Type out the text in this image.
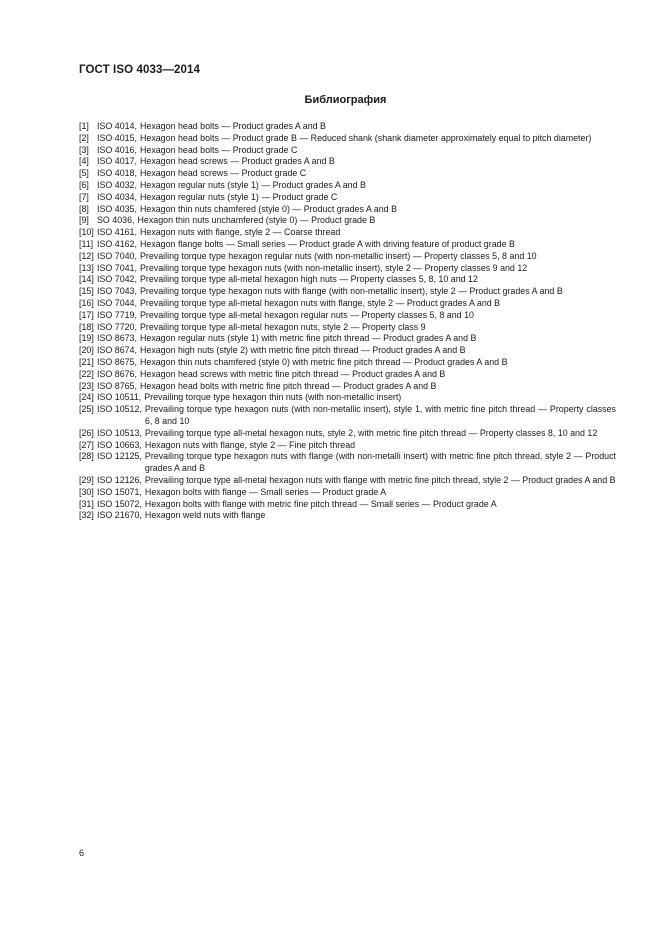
ГОСТ ISO 4033—2014
Библиография
[1] ISO 4014, Hexagon head bolts — Product grades A and B
[2] ISO 4015, Hexagon head bolts — Product grade B — Reduced shank (shank diameter approximately equal to pitch diameter)
[3] ISO 4016, Hexagon head bolts — Product grade C
[4] ISO 4017, Hexagon head screws — Product grades A and B
[5] ISO 4018, Hexagon head screws — Product grade C
[6] ISO 4032, Hexagon regular nuts (style 1) — Product grades A and B
[7] ISO 4034, Hexagon regular nuts (style 1) — Product grade C
[8] ISO 4035, Hexagon thin nuts chamfered (style 0) — Product grades A and B
[9] SO 4036, Hexagon thin nuts unchamfered (style 0) — Product grade B
[10] ISO 4161, Hexagon nuts with flange, style 2 — Coarse thread
[11] ISO 4162, Hexagon flange bolts — Small series — Product grade A with driving feature of product grade B
[12] ISO 7040, Prevailing torque type hexagon regular nuts (with non-metallic insert) — Property classes 5, 8 and 10
[13] ISO 7041, Prevailing torque type hexagon nuts (with non-metallic insert), style 2 — Property classes 9 and 12
[14] ISO 7042, Prevailing torque type all-metal hexagon high nuts — Property classes 5, 8, 10 and 12
[15] ISO 7043, Prevailing torque type hexagon nuts with flange (with non-metallic insert), style 2 — Product grades A and B
[16] ISO 7044, Prevailing torque type all-metal hexagon nuts with flange, style 2 — Product grades A and B
[17] ISO 7719, Prevailing torque type all-metal hexagon regular nuts — Property classes 5, 8 and 10
[18] ISO 7720, Prevailing torque type all-metal hexagon nuts, style 2 — Property class 9
[19] ISO 8673, Hexagon regular nuts (style 1) with metric fine pitch thread — Product grades A and B
[20] ISO 8674, Hexagon high nuts (style 2) with metric fine pitch thread — Product grades A and B
[21] ISO 8675, Hexagon thin nuts chamfered (style 0) with metric fine pitch thread — Product grades A and B
[22] ISO 8676, Hexagon head screws with metric fine pitch thread — Product grades A and B
[23] ISO 8765, Hexagon head bolts with metric fine pitch thread — Product grades A and B
[24] ISO 10511, Prevailing torque type hexagon thin nuts (with non-metallic insert)
[25] ISO 10512, Prevailing torque type hexagon nuts (with non-metallic insert), style 1, with metric fine pitch thread — Property classes 6, 8 and 10
[26] ISO 10513, Prevailing torque type all-metal hexagon nuts, style 2, with metric fine pitch thread — Property classes 8, 10 and 12
[27] ISO 10663, Hexagon nuts with flange, style 2 — Fine pitch thread
[28] ISO 12125, Prevailing torque type hexagon nuts with flange (with non-metalli insert) with metric fine pitch thread, style 2 — Product grades A and B
[29] ISO 12126, Prevailing torque type all-metal hexagon nuts with flange with metric fine pitch thread, style 2 — Product grades A and B
[30] ISO 15071, Hexagon bolts with flange — Small series — Product grade A
[31] ISO 15072, Hexagon bolts with flange with metric fine pitch thread — Small series — Product grade A
[32] ISO 21670, Hexagon weld nuts with flange
6
